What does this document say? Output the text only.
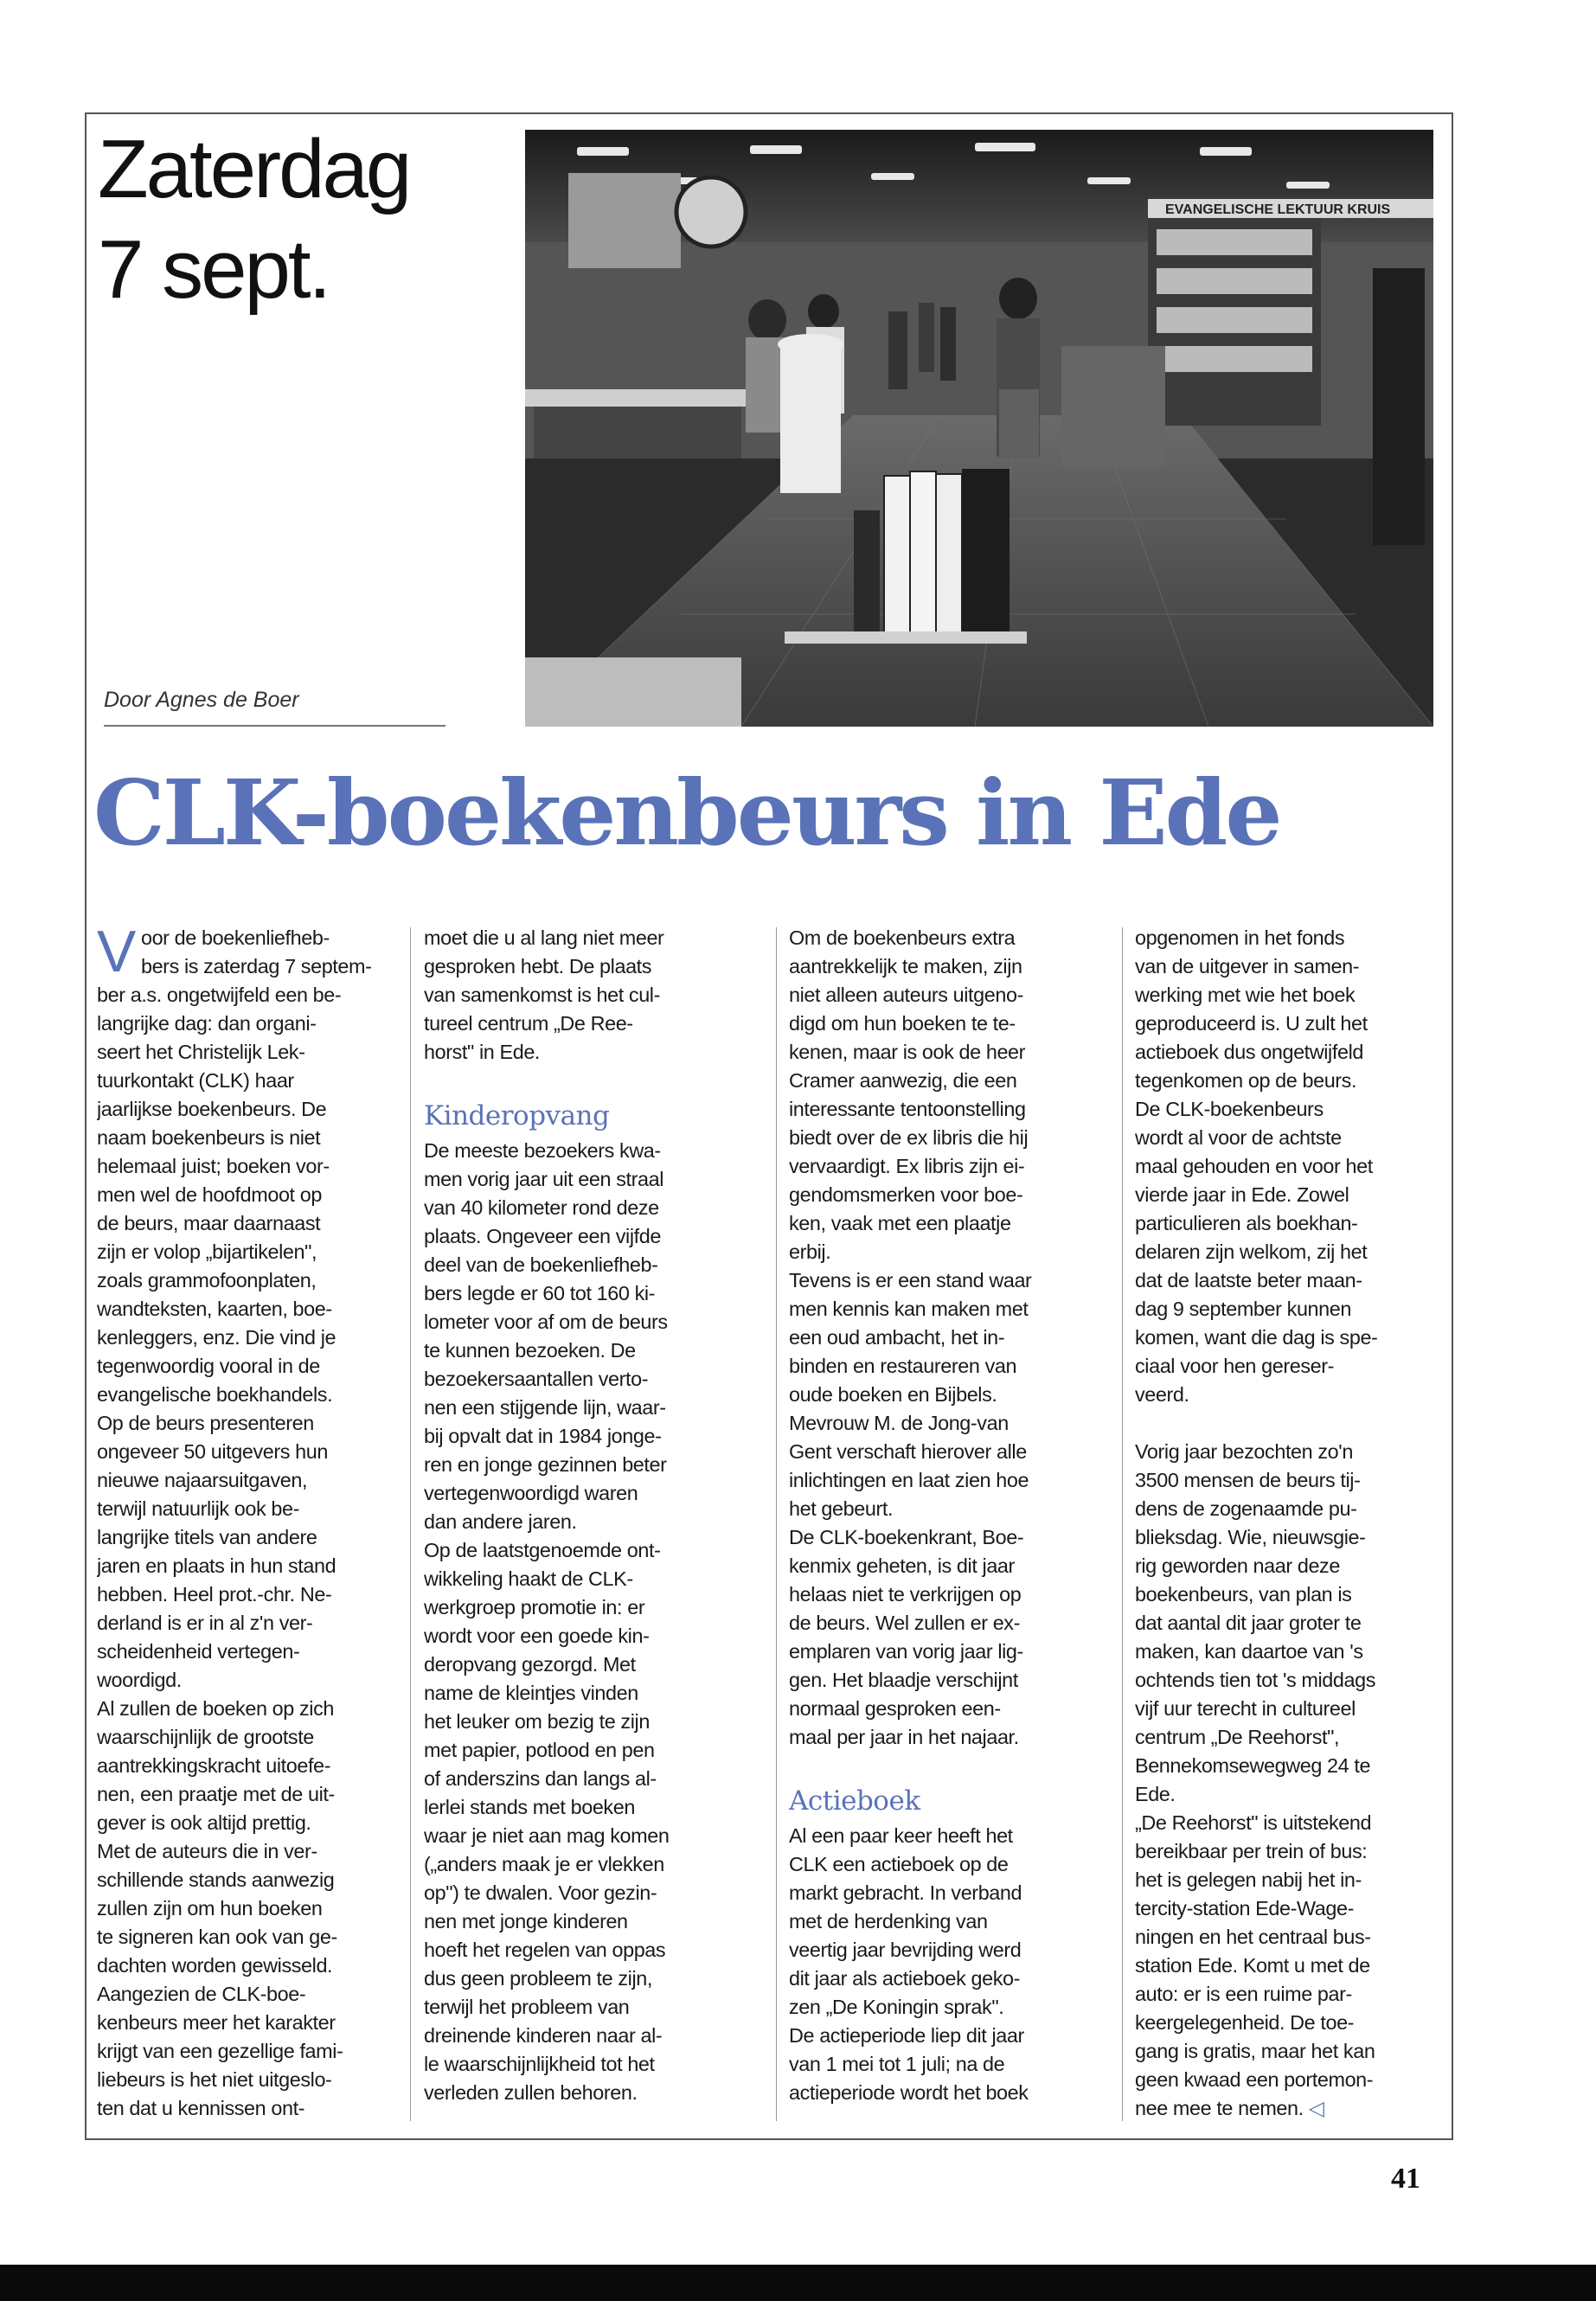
Zaterdag
7 sept.
EVANGELISCHE LEKTUUR KRUIS

Door Agnes de Boer

CLK-boekenbeurs in Ede
V oor de boekenliefheb-

bers is zaterdag 7 septem-

ber a.s. ongetwijfeld een be-

langrijke dag: dan organi-

seert het Christelijk Lek-

tuurkontakt (CLK) haar

jaarlijkse boekenbeurs. De

naam boekenbeurs is niet

helemaal juist; boeken vor-

men wel de hoofdmoot op

de beurs, maar daarnaast

zijn er volop „bijartikelen",

zoals grammofoonplaten,

wandteksten, kaarten, boe-

kenleggers, enz. Die vind je

tegenwoordig vooral in de

evangelische boekhandels.

Op de beurs presenteren

ongeveer 50 uitgevers hun

nieuwe najaarsuitgaven,

terwijl natuurlijk ook be-

langrijke titels van andere

jaren en plaats in hun stand

hebben. Heel prot.-chr. Ne-

derland is er in al z'n ver-

scheidenheid vertegen-

woordigd.

Al zullen de boeken op zich

waarschijnlijk de grootste

aantrekkingskracht uitoefe-

nen, een praatje met de uit-

gever is ook altijd prettig.

Met de auteurs die in ver-

schillende stands aanwezig

zullen zijn om hun boeken

te signeren kan ook van ge-

dachten worden gewisseld.

Aangezien de CLK-boe-

kenbeurs meer het karakter

krijgt van een gezellige fami-

liebeurs is het niet uitgeslo-

ten dat u kennissen ont-

moet die u al lang niet meer

gesproken hebt. De plaats

van samenkomst is het cul-

tureel centrum „De Ree-

horst" in Ede.

Kinderopvang

De meeste bezoekers kwa-

men vorig jaar uit een straal

van 40 kilometer rond deze

plaats. Ongeveer een vijfde

deel van de boekenliefheb-

bers legde er 60 tot 160 ki-

lometer voor af om de beurs

te kunnen bezoeken. De

bezoekersaantallen verto-

nen een stijgende lijn, waar-

bij opvalt dat in 1984 jonge-

ren en jonge gezinnen beter

vertegenwoordigd waren

dan andere jaren.

Op de laatstgenoemde ont-

wikkeling haakt de CLK-

werkgroep promotie in: er

wordt voor een goede kin-

deropvang gezorgd. Met

name de kleintjes vinden

het leuker om bezig te zijn

met papier, potlood en pen

of anderszins dan langs al-

lerlei stands met boeken

waar je niet aan mag komen

(„anders maak je er vlekken

op") te dwalen. Voor gezin-

nen met jonge kinderen

hoeft het regelen van oppas

dus geen probleem te zijn,

terwijl het probleem van

dreinende kinderen naar al-

le waarschijnlijkheid tot het

verleden zullen behoren.

Om de boekenbeurs extra

aantrekkelijk te maken, zijn

niet alleen auteurs uitgeno-

digd om hun boeken te te-

kenen, maar is ook de heer

Cramer aanwezig, die een

interessante tentoonstelling

biedt over de ex libris die hij

vervaardigt. Ex libris zijn ei-

gendomsmerken voor boe-

ken, vaak met een plaatje

erbij.

Tevens is er een stand waar

men kennis kan maken met

een oud ambacht, het in-

binden en restaureren van

oude boeken en Bijbels.

Mevrouw M. de Jong-van

Gent verschaft hierover alle

inlichtingen en laat zien hoe

het gebeurt.

De CLK-boekenkrant, Boe-

kenmix geheten, is dit jaar

helaas niet te verkrijgen op

de beurs. Wel zullen er ex-

emplaren van vorig jaar lig-

gen. Het blaadje verschijnt

normaal gesproken een-

maal per jaar in het najaar.

Actieboek

Al een paar keer heeft het

CLK een actieboek op de

markt gebracht. In verband

met de herdenking van

veertig jaar bevrijding werd

dit jaar als actieboek geko-

zen „De Koningin sprak".

De actieperiode liep dit jaar

van 1 mei tot 1 juli; na de

actieperiode wordt het boek

opgenomen in het fonds

van de uitgever in samen-

werking met wie het boek

geproduceerd is. U zult het

actieboek dus ongetwijfeld

tegenkomen op de beurs.

De CLK-boekenbeurs

wordt al voor de achtste

maal gehouden en voor het

vierde jaar in Ede. Zowel

particulieren als boekhan-

delaren zijn welkom, zij het

dat de laatste beter maan-

dag 9 september kunnen

komen, want die dag is spe-

ciaal voor hen gereser-

veerd.

Vorig jaar bezochten zo'n

3500 mensen de beurs tij-

dens de zogenaamde pu-

blieksdag. Wie, nieuwsgie-

rig geworden naar deze

boekenbeurs, van plan is

dat aantal dit jaar groter te

maken, kan daartoe van 's

ochtends tien tot 's middags

vijf uur terecht in cultureel

centrum „De Reehorst",

Bennekomsewegweg 24 te

Ede.

„De Reehorst" is uitstekend

bereikbaar per trein of bus:

het is gelegen nabij het in-

tercity-station Ede-Wage-

ningen en het centraal bus-

station Ede. Komt u met de

auto: er is een ruime par-

keergelegenheid. De toe-

gang is gratis, maar het kan

geen kwaad een portemon-

nee mee te nemen. ◁

41
